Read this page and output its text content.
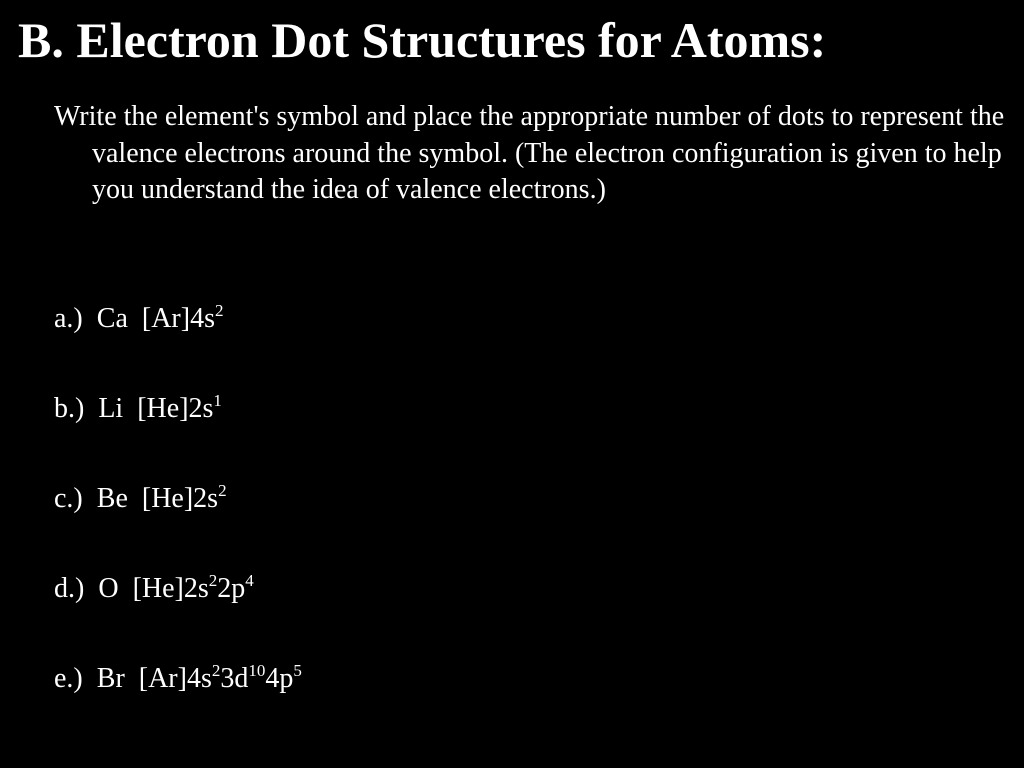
B. Electron Dot Structures for Atoms:

Write the element's symbol and place the appropriate number of dots to represent the valence electrons around the symbol. (The electron configuration is given to help you understand the idea of valence electrons.)

a.) Ca $[Ar]4s^2$

b.) Li $[He]2s^1$

c.) Be $[He]2s^2$

d.) O $[He]2s^22p^4$

e.) Br $[Ar]4s^23d^{10}4p^5$
